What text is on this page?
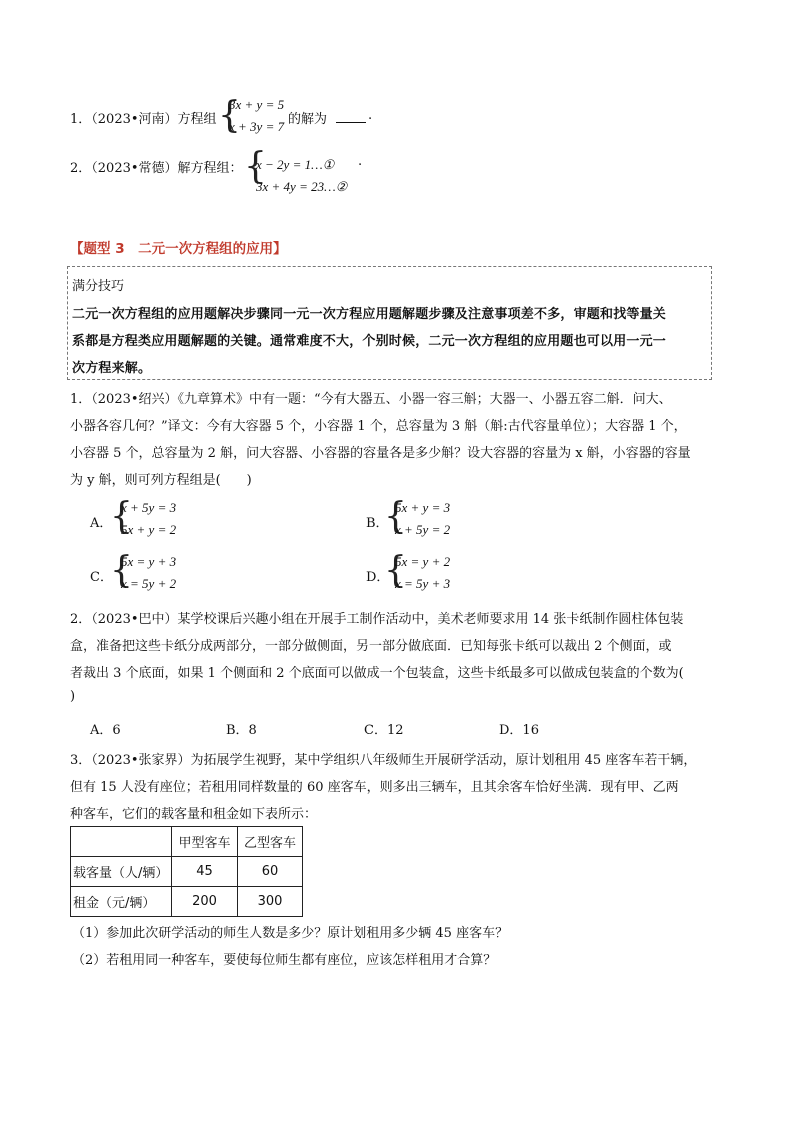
1．（2023•河南）方程组 {
3x + y = 5
x + 3y = 7 的解为	.
2．（2023•常德）解方程组： {
x − 2y = 1…①
3x + 4y = 23…②
.
【题型 3　二元一次方程组的应用】
满分技巧
二元一次方程组的应用题解决步骤同一元一次方程应用题解题步骤及注意事项差不多，审题和找等量关
系都是方程类应用题解题的关键。通常难度不大，个别时候，二元一次方程组的应用题也可以用一元一
次方程来解。
1．（2023•绍兴）《九章算术》中有一题：“今有大器五、小器一容三斛；大器一、小器五容二斛．问大、
小器各容几何？”译文：今有大容器 5 个，小容器 1 个，总容量为 3 斛（斛:古代容量单位）；大容器 1 个，
小容器 5 个，总容量为 2 斛，问大容器、小容器的容量各是多少斛？设大容器的容量为 x 斛，小容器的容量
为 y 斛，则可列方程组是(　　)
A．
{
x + 5y = 3
5x + y = 2	B．
{
5x + y = 3
x + 5y = 2
C．
{
5x = y + 3
x = 5y + 2	D．
{
5x = y + 2
x = 5y + 3
2．（2023•巴中）某学校课后兴趣小组在开展手工制作活动中，美术老师要求用 14 张卡纸制作圆柱体包装
盒，准备把这些卡纸分成两部分，一部分做侧面，另一部分做底面．已知每张卡纸可以裁出 2 个侧面，或
者裁出 3 个底面，如果 1 个侧面和 2 个底面可以做成一个包装盒，这些卡纸最多可以做成包装盒的个数为(
)
A．6	B．8	C．12	D．16
3．（2023•张家界）为拓展学生视野，某中学组织八年级师生开展研学活动，原计划租用 45 座客车若干辆，
但有 15 人没有座位；若租用同样数量的 60 座客车，则多出三辆车，且其余客车恰好坐满．现有甲、乙两
种客车，它们的载客量和租金如下表所示：
	甲型客车	乙型客车
载客量（人/辆）	45	60
租金（元/辆）	200	300
（1）参加此次研学活动的师生人数是多少？原计划租用多少辆 45 座客车？
（2）若租用同一种客车，要使每位师生都有座位，应该怎样租用才合算？
